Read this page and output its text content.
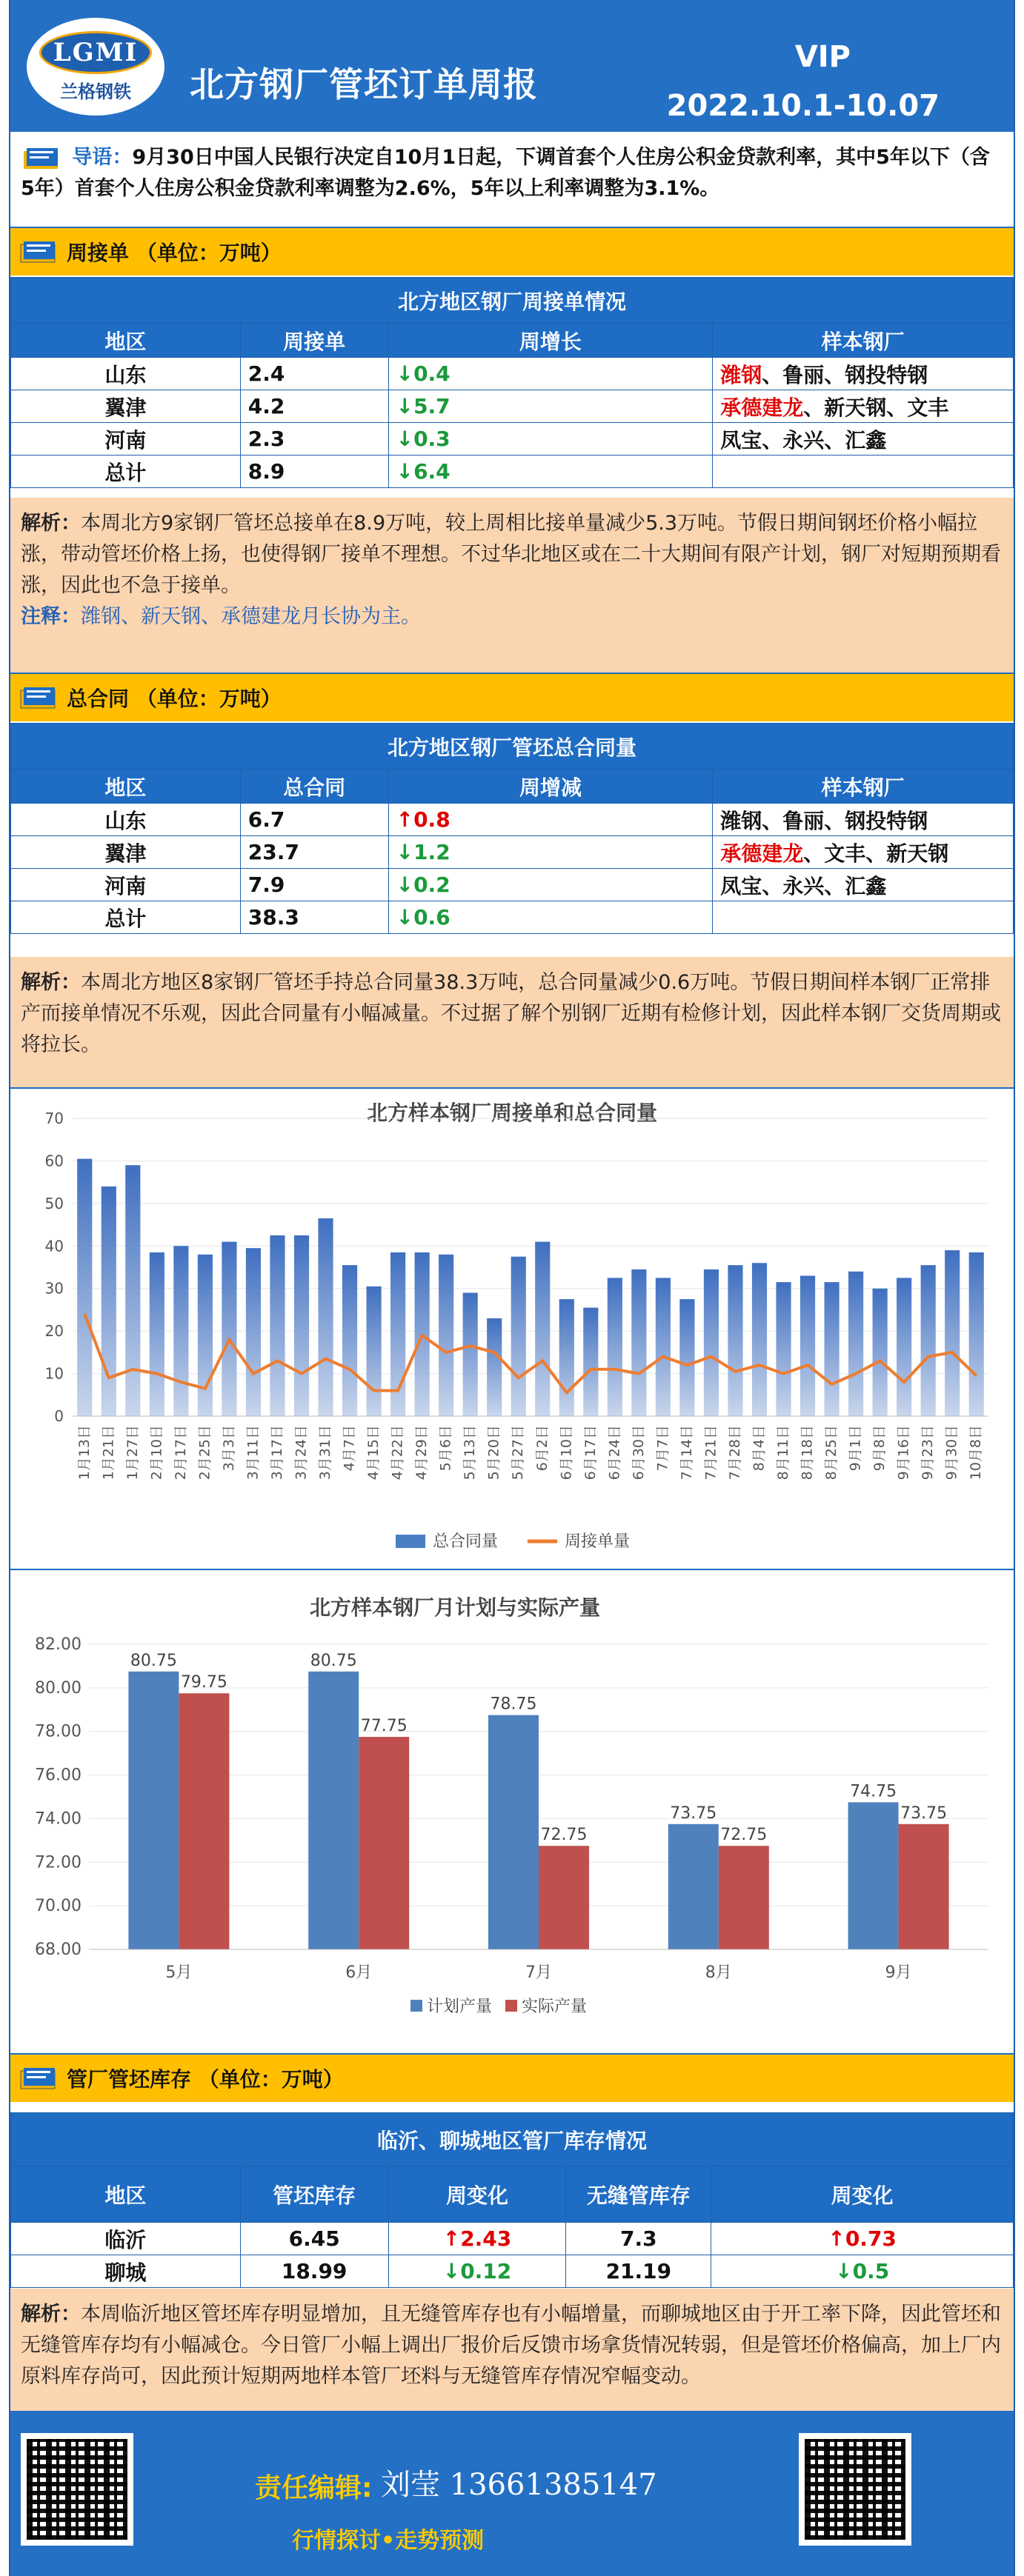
LGMI
兰格钢铁 北方钢厂管坯订单周报
VIP
2022.10.1-10.07
导语：9月30日中国人民银行决定自10月1日起，下调首套个人住房公积金贷款利率，其中5年以下（含5年）首套个人住房公积金贷款利率调整为2.6%，5年以上利率调整为3.1%。
周接单 （单位：万吨）
北方地区钢厂周接单情况			
地区	周接单	周增长	样本钢厂
山东	2.4	↓0.4	潍钢、鲁丽、钢投特钢
翼津	4.2	↓5.7	承德建龙、新天钢、文丰
河南	2.3	↓0.3	凤宝、永兴、汇鑫
总计	8.9	↓6.4	
解析：本周北方9家钢厂管坯总接单在8.9万吨，较上周相比接单量减少5.3万吨。节假日期间钢坯价格小幅拉涨，带动管坯价格上扬，也使得钢厂接单不理想。不过华北地区或在二十大期间有限产计划，钢厂对短期预期看涨，因此也不急于接单。
注释：潍钢、新天钢、承德建龙月长协为主。
总合同 （单位：万吨）
北方地区钢厂管坯总合同量			
地区	总合同	周增减	样本钢厂
山东	6.7	↑0.8	潍钢、鲁丽、钢投特钢
翼津	23.7	↓1.2	承德建龙、文丰、新天钢
河南	7.9	↓0.2	凤宝、永兴、汇鑫
总计	38.3	↓0.6	
解析：本周北方地区8家钢厂管坯手持总合同量38.3万吨，总合同量减少0.6万吨。节假日期间样本钢厂正常排产而接单情况不乐观，因此合同量有小幅减量。不过据了解个别钢厂近期有检修计划，因此样本钢厂交货周期或将拉长。
北方样本钢厂周接单和总合同量
0
10
20
30
40
50
60
70
1月13日 1月21日 1月27日 2月10日 2月17日 2月25日 3月3日 3月11日 3月17日 3月24日 3月31日 4月7日 4月15日 4月22日 4月29日 5月6日 5月13日 5月20日 5月27日 6月2日 6月10日 6月17日 6月24日 6月30日 7月7日 7月14日 7月21日 7月28日 8月4日 8月11日 8月18日 8月25日 9月1日 9月8日 9月16日 9月23日 9月30日 10月8日
总合同量	周接单量
北方样本钢厂月计划与实际产量
68.00
70.00
72.00
74.00
76.00
78.00
80.00
82.00
80.75
79.75
5月
80.75
77.75
6月
78.75
72.75
7月
73.75
72.75
8月
74.75
73.75
9月
计划产量 实际产量
管厂管坯库存 （单位：万吨）
临沂、聊城地区管厂库存情况				
地区	管坯库存	周变化	无缝管库存	周变化
临沂	6.45	↑2.43	7.3	↑0.73
聊城	18.99	↓0.12	21.19	↓0.5
解析：本周临沂地区管坯库存明显增加，且无缝管库存也有小幅增量，而聊城地区由于开工率下降，因此管坯和无缝管库存均有小幅减仓。今日管厂小幅上调出厂报价后反馈市场拿货情况转弱，但是管坯价格偏高，加上厂内原料库存尚可，因此预计短期两地样本管厂坯料与无缝管库存情况窄幅变动。
责任编辑: 刘莹 13661385147
行情探讨•走势预测
